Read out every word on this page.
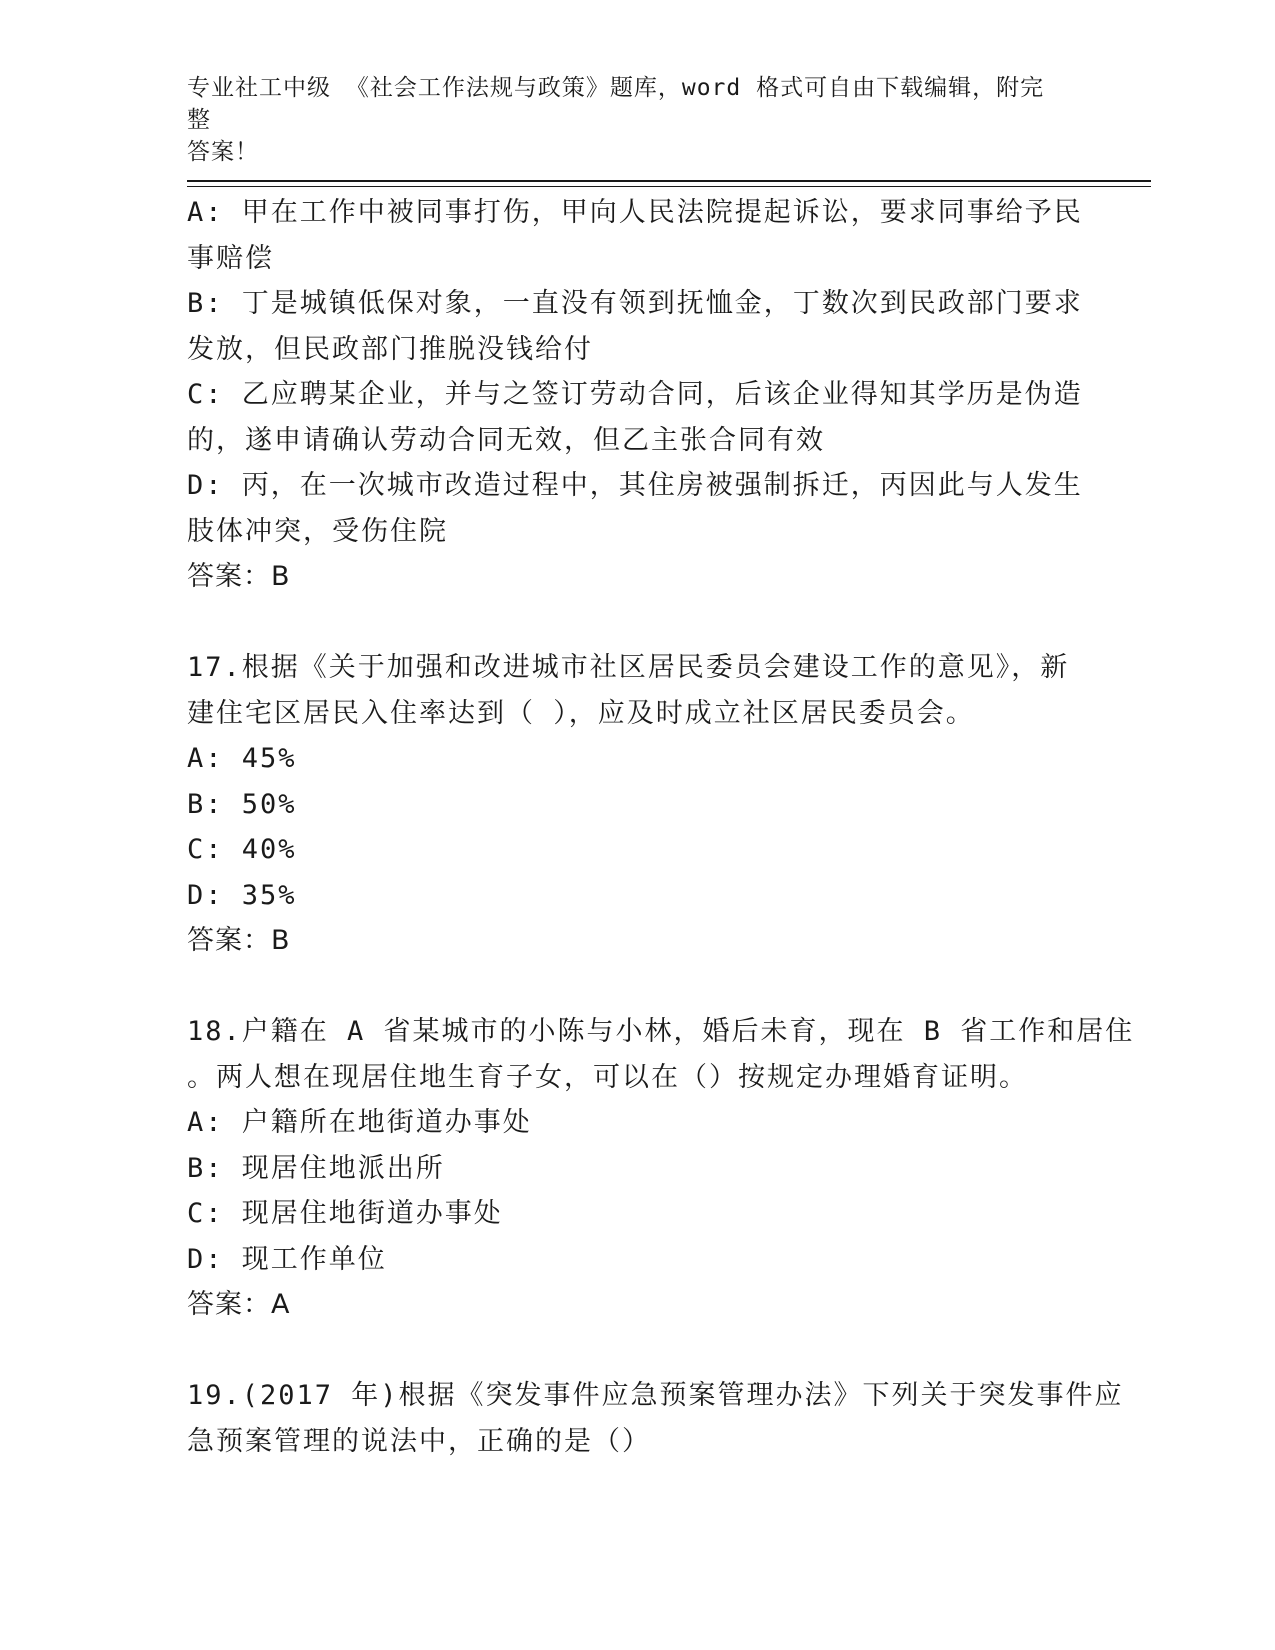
专业社工中级 《社会工作法规与政策》题库，word 格式可自由下载编辑，附完整
答案！
A: 甲在工作中被同事打伤，甲向人民法院提起诉讼，要求同事给予民
事赔偿
B: 丁是城镇低保对象，一直没有领到抚恤金，丁数次到民政部门要求
发放，但民政部门推脱没钱给付
C: 乙应聘某企业，并与之签订劳动合同，后该企业得知其学历是伪造
的，遂申请确认劳动合同无效，但乙主张合同有效
D: 丙，在一次城市改造过程中，其住房被强制拆迁，丙因此与人发生
肢体冲突，受伤住院
答案：B
17.根据《关于加强和改进城市社区居民委员会建设工作的意见》，新
建住宅区居民入住率达到（ ），应及时成立社区居民委员会。
A: 45%
B: 50%
C: 40%
D: 35%
答案：B
18.户籍在 A 省某城市的小陈与小林，婚后未育，现在 B 省工作和居住
。两人想在现居住地生育子女，可以在（）按规定办理婚育证明。
A: 户籍所在地街道办事处
B: 现居住地派出所
C: 现居住地街道办事处
D: 现工作单位
答案：A
19.(2017 年)根据《突发事件应急预案管理办法》下列关于突发事件应
急预案管理的说法中，正确的是（）
